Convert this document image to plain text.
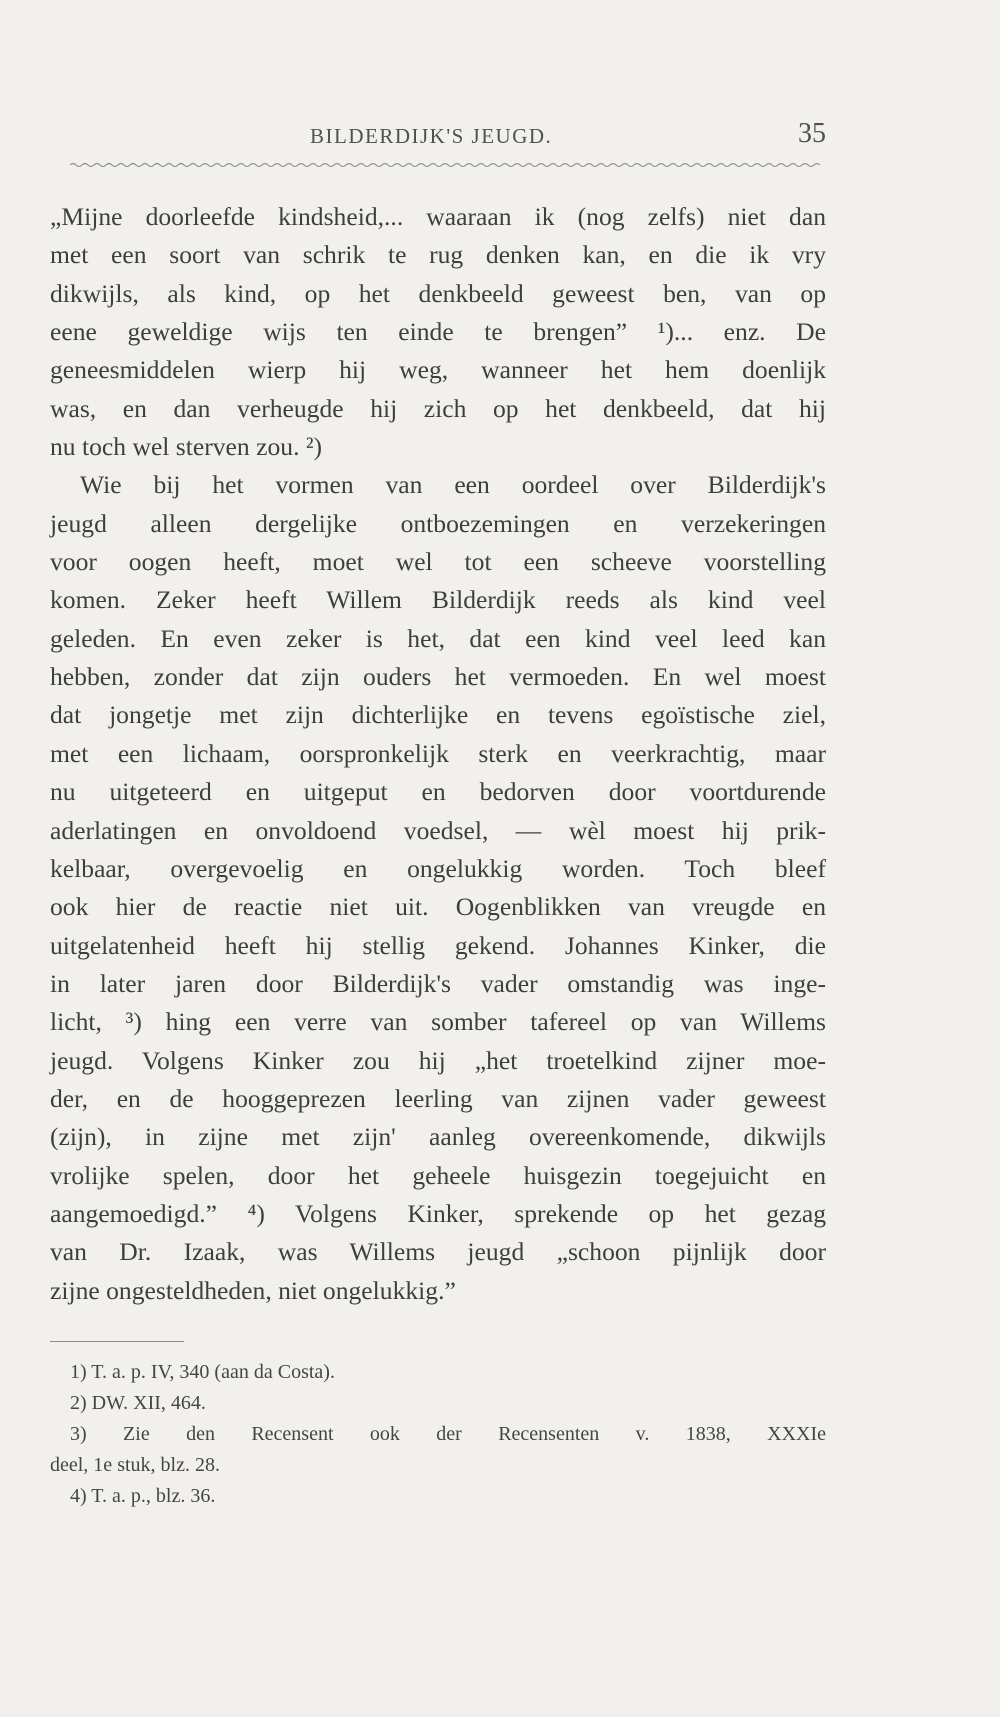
BILDERDIJK'S JEUGD.	35
„Mijne doorleefde kindsheid,... waaraan ik (nog zelfs) niet dan
met een soort van schrik te rug denken kan, en die ik vry
dikwijls, als kind, op het denkbeeld geweest ben, van op
eene geweldige wijs ten einde te brengen” ¹)... enz. De
geneesmiddelen wierp hij weg, wanneer het hem doenlijk
was, en dan verheugde hij zich op het denkbeeld, dat hij
nu toch wel sterven zou. ²)
Wie bij het vormen van een oordeel over Bilderdijk's
jeugd alleen dergelijke ontboezemingen en verzekeringen
voor oogen heeft, moet wel tot een scheeve voorstelling
komen. Zeker heeft Willem Bilderdijk reeds als kind veel
geleden. En even zeker is het, dat een kind veel leed kan
hebben, zonder dat zijn ouders het vermoeden. En wel moest
dat jongetje met zijn dichterlijke en tevens egoïstische ziel,
met een lichaam, oorspronkelijk sterk en veerkrachtig, maar
nu uitgeteerd en uitgeput en bedorven door voortdurende
aderlatingen en onvoldoend voedsel, — wèl moest hij prik-
kelbaar, overgevoelig en ongelukkig worden. Toch bleef
ook hier de reactie niet uit. Oogenblikken van vreugde en
uitgelatenheid heeft hij stellig gekend. Johannes Kinker, die
in later jaren door Bilderdijk's vader omstandig was inge-
licht, ³) hing een verre van somber tafereel op van Willems
jeugd. Volgens Kinker zou hij „het troetelkind zijner moe-
der, en de hooggeprezen leerling van zijnen vader geweest
(zijn), in zijne met zijn' aanleg overeenkomende, dikwijls
vrolijke spelen, door het geheele huisgezin toegejuicht en
aangemoedigd.” ⁴) Volgens Kinker, sprekende op het gezag
van Dr. Izaak, was Willems jeugd „schoon pijnlijk door
zijne ongesteldheden, niet ongelukkig.”
1) T. a. p. IV, 340 (aan da Costa).
2) DW. XII, 464.
3) Zie den Recensent ook der Recensenten v. 1838, XXXIe
deel, 1e stuk, blz. 28.
4) T. a. p., blz. 36.
